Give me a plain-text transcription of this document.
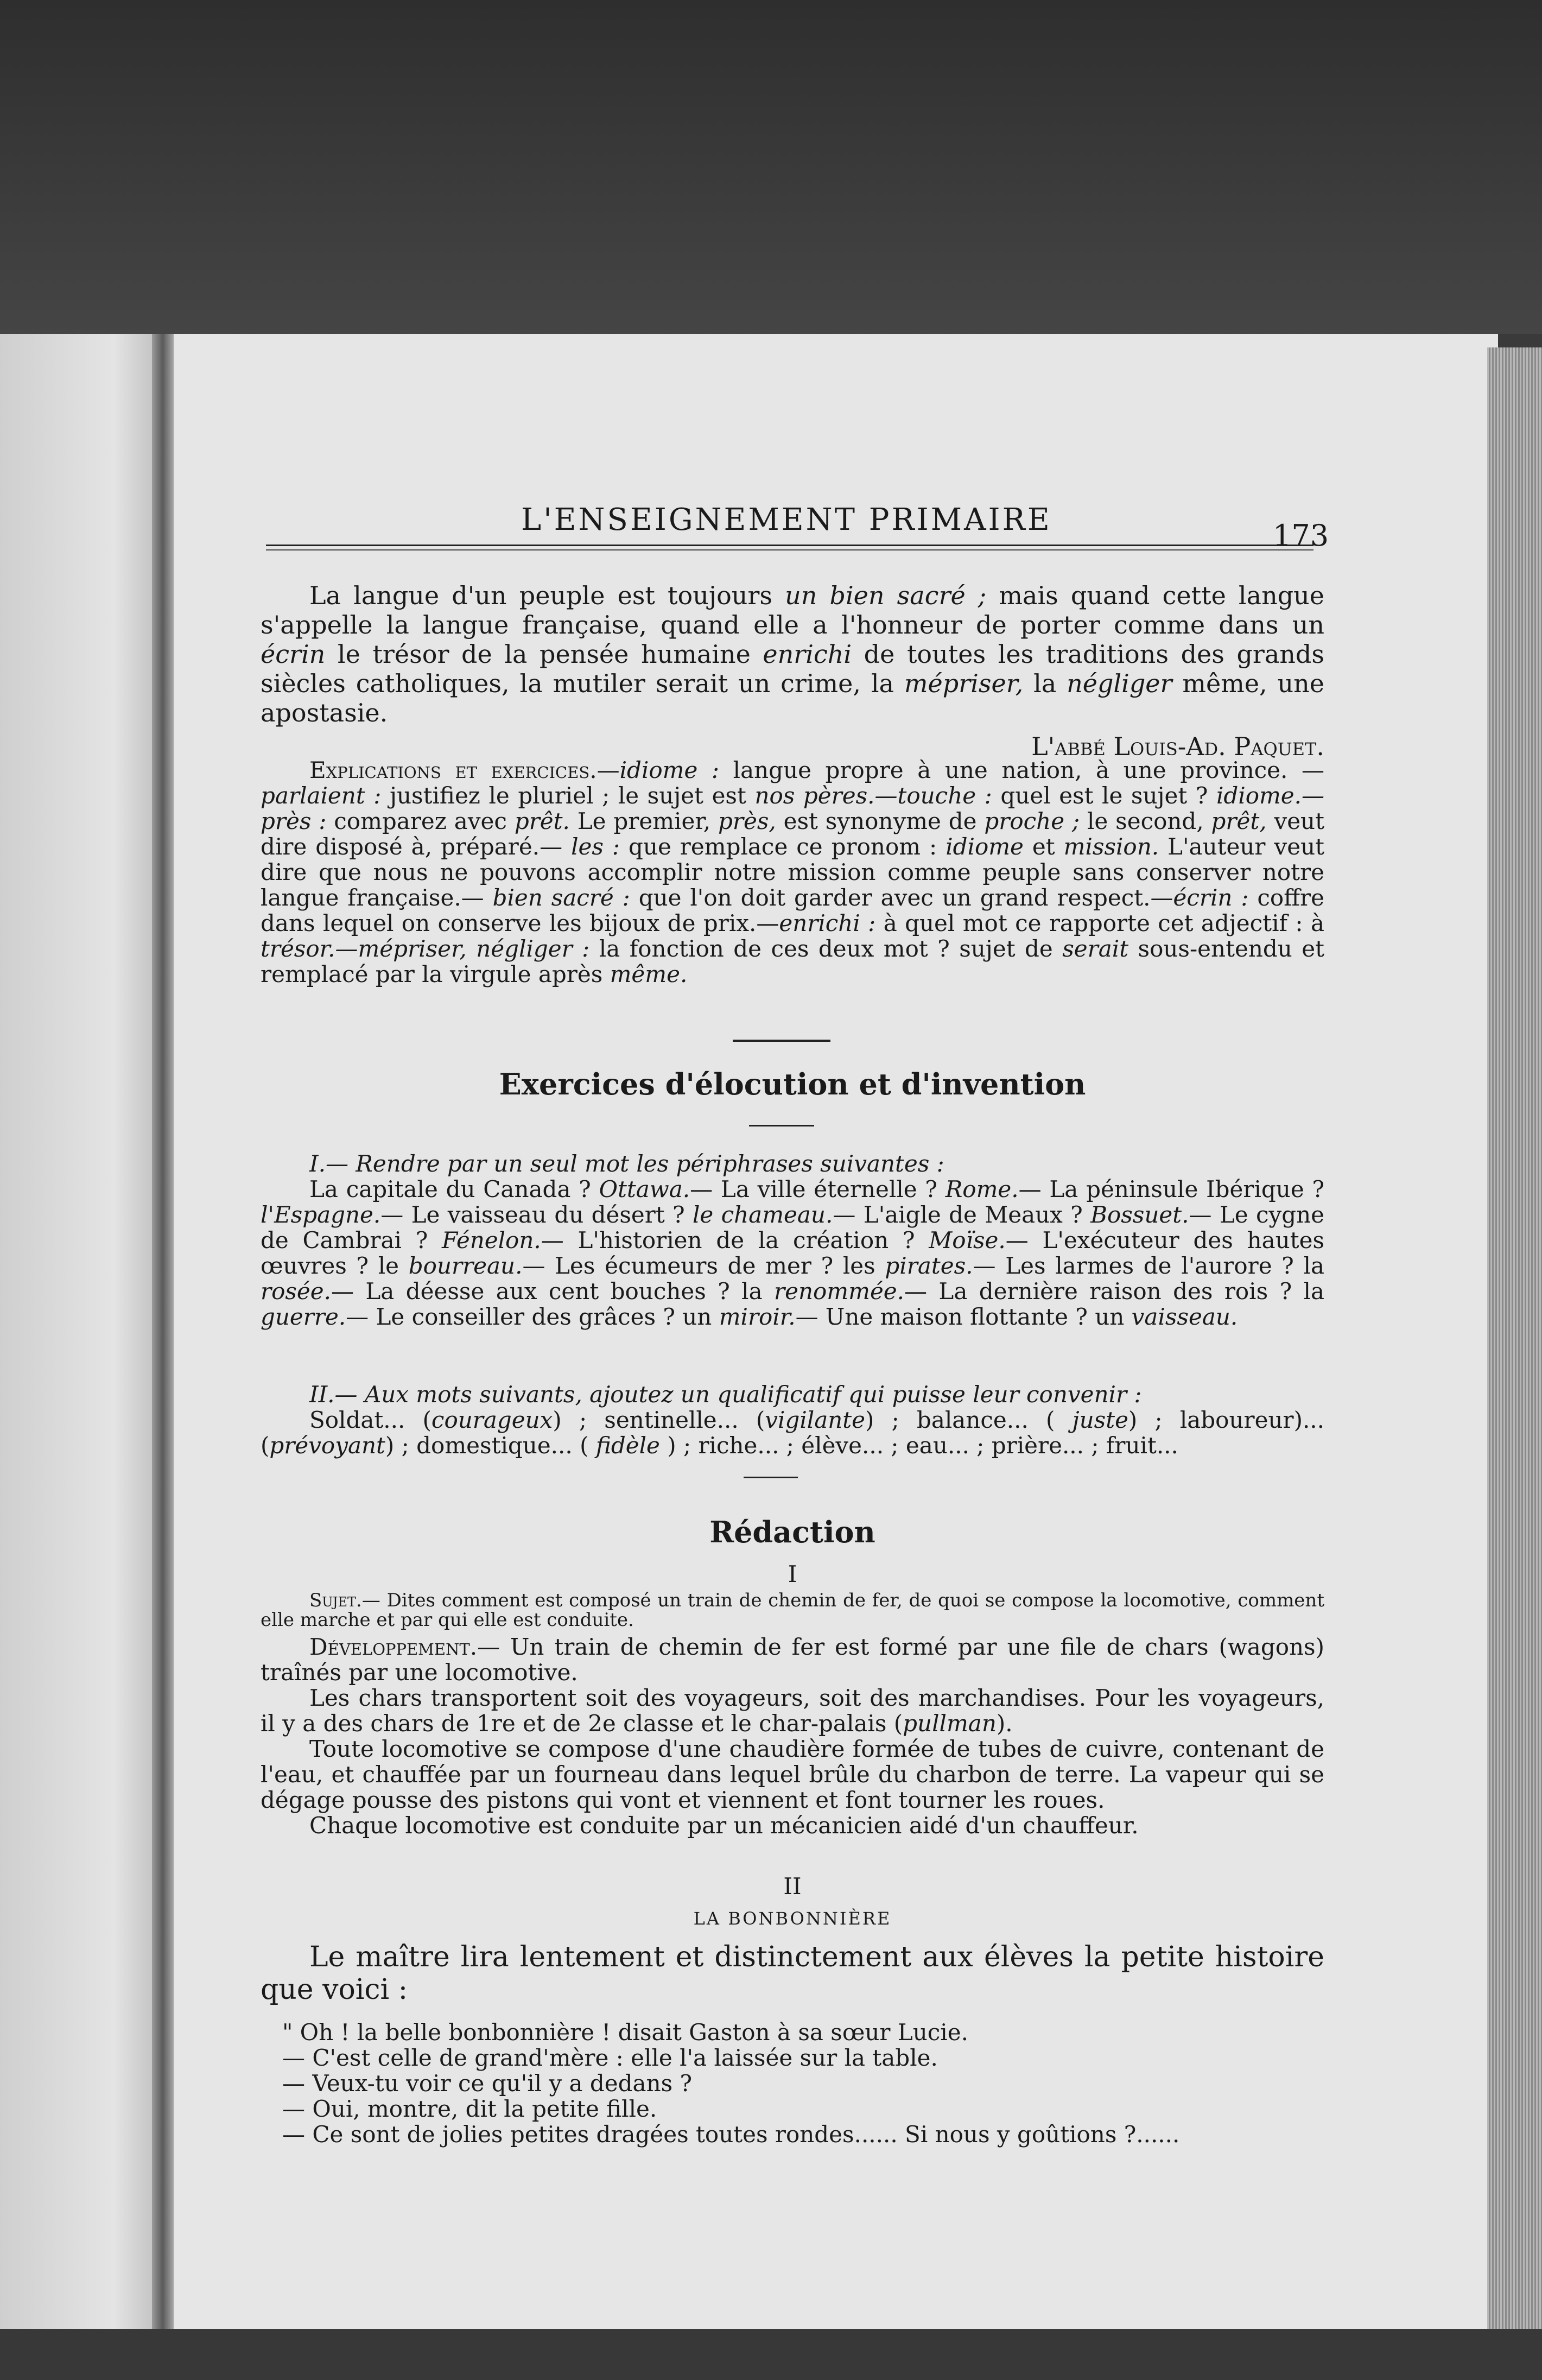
L'ENSEIGNEMENT PRIMAIRE	173

La langue d'un peuple est toujours un bien sacré ; mais quand cette langue s'appelle la langue française, quand elle a l'honneur de porter comme dans un écrin le trésor de la pensée humaine enrichi de toutes les traditions des grands siècles catholiques, la mutiler serait un crime, la mépriser, la négliger même, une apostasie.

L'abbé Louis-Ad. Paquet.

Explications et exercices.—idiome : langue propre à une nation, à une province. —parlaient : justifiez le pluriel ; le sujet est nos pères.—touche : quel est le sujet ? idiome.—près : comparez avec prêt. Le premier, près, est synonyme de proche ; le second, prêt, veut dire disposé à, préparé.— les : que remplace ce pronom : idiome et mission. L'auteur veut dire que nous ne pouvons accomplir notre mission comme peuple sans conserver notre langue française.— bien sacré : que l'on doit garder avec un grand respect.—écrin : coffre dans lequel on conserve les bijoux de prix.—enrichi : à quel mot ce rapporte cet adjectif : à trésor.—mépriser, négliger : la fonction de ces deux mot ? sujet de serait sous-entendu et remplacé par la virgule après même.

Exercices d'élocution et d'invention

I.— Rendre par un seul mot les périphrases suivantes :

La capitale du Canada ? Ottawa.— La ville éternelle ? Rome.— La péninsule Ibérique ? l'Espagne.— Le vaisseau du désert ? le chameau.— L'aigle de Meaux ? Bossuet.— Le cygne de Cambrai ? Fénelon.— L'historien de la création ? Moïse.— L'exécuteur des hautes œuvres ? le bourreau.— Les écumeurs de mer ? les pirates.— Les larmes de l'aurore ? la rosée.— La déesse aux cent bouches ? la renommée.— La dernière raison des rois ? la guerre.— Le conseiller des grâces ? un miroir.— Une maison flottante ? un vaisseau.

II.— Aux mots suivants, ajoutez un qualificatif qui puisse leur convenir :

Soldat... (courageux) ; sentinelle... (vigilante) ; balance... ( juste) ; laboureur)... (prévoyant) ; domestique... ( fidèle ) ; riche... ; élève... ; eau... ; prière... ; fruit...

Rédaction
I

Sujet.— Dites comment est composé un train de chemin de fer, de quoi se compose la locomotive, comment elle marche et par qui elle est conduite.

Développement.— Un train de chemin de fer est formé par une file de chars (wagons) traînés par une locomotive.

Les chars transportent soit des voyageurs, soit des marchandises. Pour les voyageurs, il y a des chars de 1re et de 2e classe et le char-palais (pullman).

Toute locomotive se compose d'une chaudière formée de tubes de cuivre, contenant de l'eau, et chauffée par un fourneau dans lequel brûle du charbon de terre. La vapeur qui se dégage pousse des pistons qui vont et viennent et font tourner les roues.

Chaque locomotive est conduite par un mécanicien aidé d'un chauffeur.

II
LA BONBONNIÈRE

Le maître lira lentement et distinctement aux élèves la petite histoire que voici :

" Oh ! la belle bonbonnière ! disait Gaston à sa sœur Lucie.

— C'est celle de grand'mère : elle l'a laissée sur la table.

— Veux-tu voir ce qu'il y a dedans ?

— Oui, montre, dit la petite fille.

— Ce sont de jolies petites dragées toutes rondes...... Si nous y goûtions ?......
